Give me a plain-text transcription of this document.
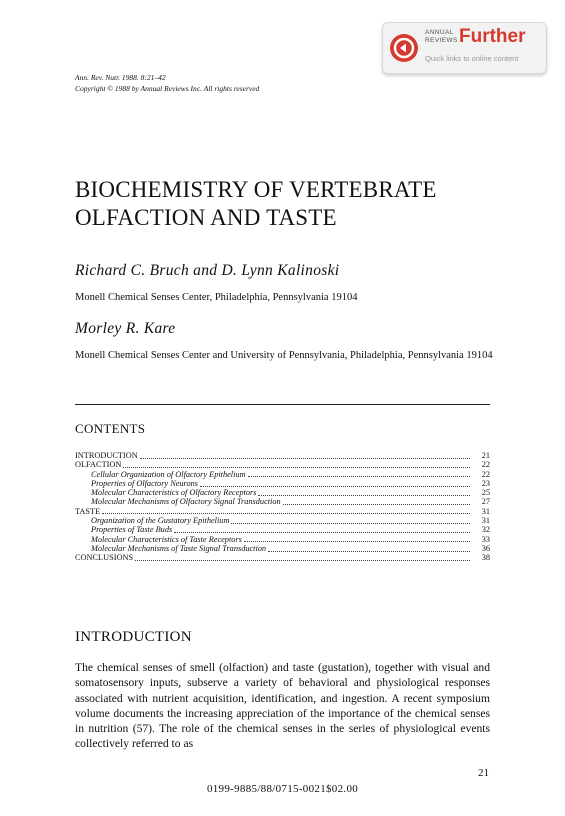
ANNUAL
REVIEWS Further
Quick links to online content
Ann. Rev. Nutr. 1988. 8:21–42
Copyright © 1988 by Annual Reviews Inc. All rights reserved
BIOCHEMISTRY OF VERTEBRATE
OLFACTION AND TASTE
Richard C. Bruch and D. Lynn Kalinoski
Monell Chemical Senses Center, Philadelphia, Pennsylvania 19104
Morley R. Kare
Monell Chemical Senses Center and University of Pennsylvania, Philadelphia, Pennsylvania 19104
CONTENTS
INTRODUCTION	21
OLFACTION	22
Cellular Organization of Olfactory Epithelium	22
Properties of Olfactory Neurons	23
Molecular Characteristics of Olfactory Receptors	25
Molecular Mechanisms of Olfactory Signal Transduction	27
TASTE	31
Organization of the Gustatory Epithelium	31
Properties of Taste Buds	32
Molecular Characteristics of Taste Receptors	33
Molecular Mechanisms of Taste Signal Transduction	36
CONCLUSIONS	38
INTRODUCTION
The chemical senses of smell (olfaction) and taste (gustation), together with visual and somatosensory inputs, subserve a variety of behavioral and physiological responses associated with nutrient acquisition, identification, and ingestion. A recent symposium volume documents the increasing appreciation of the importance of the chemical senses in nutrition (57). The role of the chemical senses in the series of physiological events collectively referred to as
21
0199-9885/88/0715-0021$02.00
